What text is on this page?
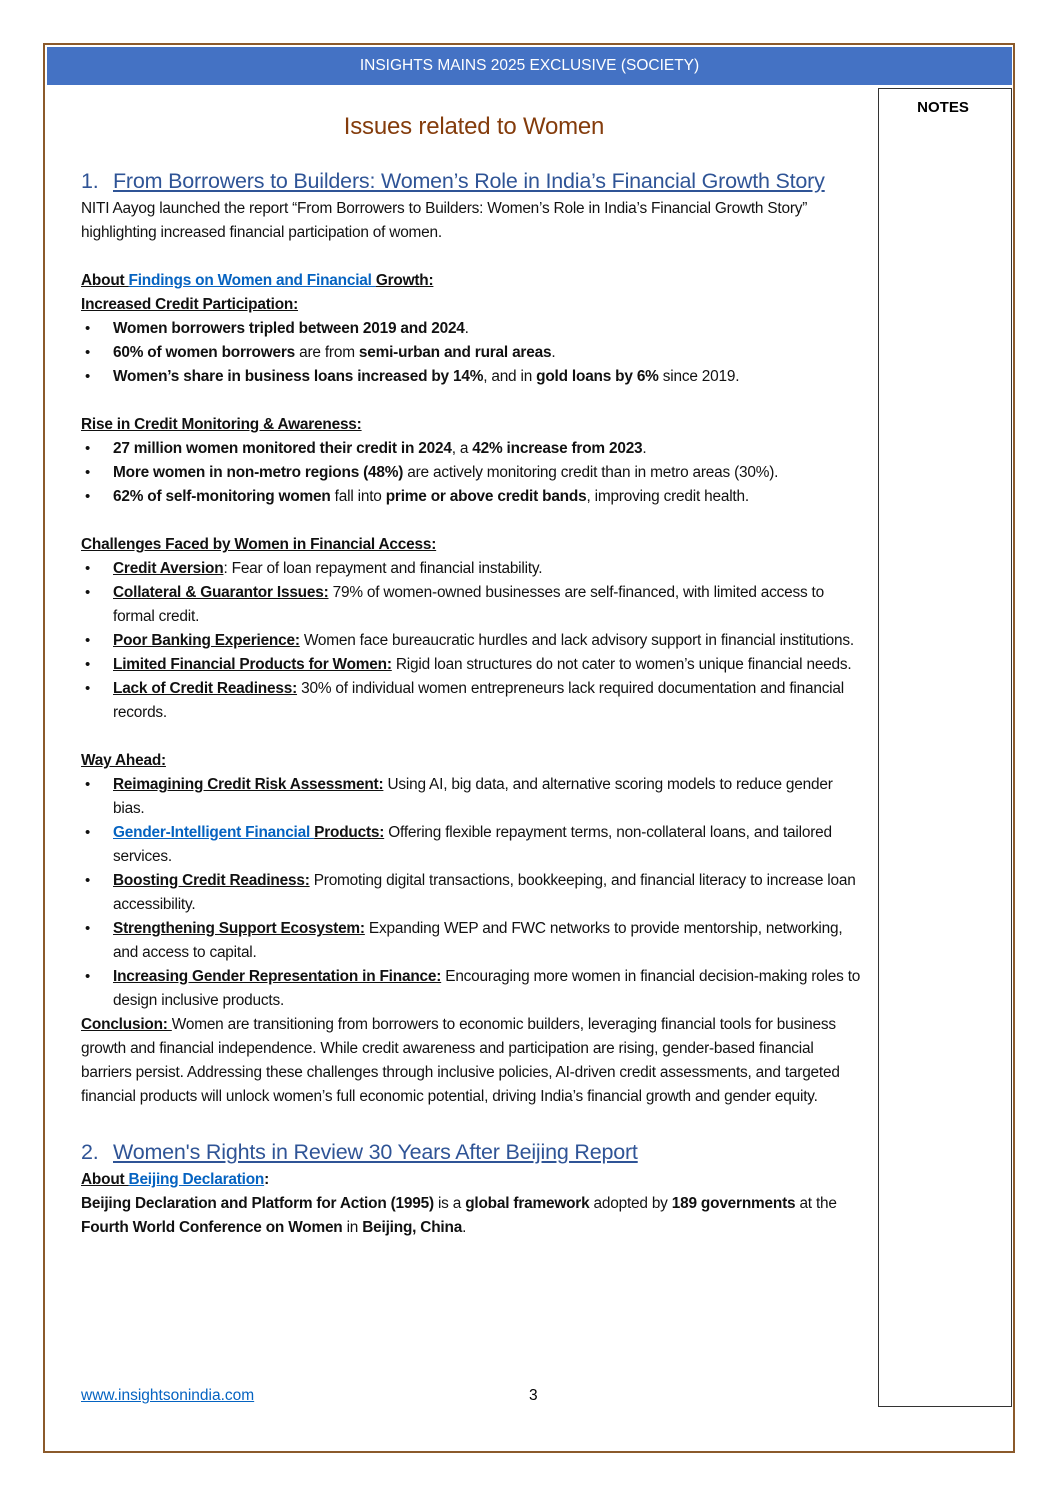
INSIGHTS MAINS 2025 EXCLUSIVE (SOCIETY)
NOTES
Issues related to Women
1. From Borrowers to Builders: Women’s Role in India’s Financial Growth Story
NITI Aayog launched the report “From Borrowers to Builders: Women’s Role in India’s Financial Growth Story” highlighting increased financial participation of women.
About Findings on Women and Financial Growth:
Increased Credit Participation:
• Women borrowers tripled between 2019 and 2024.
• 60% of women borrowers are from semi-urban and rural areas.
• Women’s share in business loans increased by 14%, and in gold loans by 6% since 2019.
Rise in Credit Monitoring & Awareness:
• 27 million women monitored their credit in 2024, a 42% increase from 2023.
• More women in non-metro regions (48%) are actively monitoring credit than in metro areas (30%).
• 62% of self-monitoring women fall into prime or above credit bands, improving credit health.
Challenges Faced by Women in Financial Access:
• Credit Aversion: Fear of loan repayment and financial instability.
• Collateral & Guarantor Issues: 79% of women-owned businesses are self-financed, with limited access to formal credit.
• Poor Banking Experience: Women face bureaucratic hurdles and lack advisory support in financial institutions.
• Limited Financial Products for Women: Rigid loan structures do not cater to women’s unique financial needs.
• Lack of Credit Readiness: 30% of individual women entrepreneurs lack required documentation and financial records.
Way Ahead:
• Reimagining Credit Risk Assessment: Using AI, big data, and alternative scoring models to reduce gender bias.
• Gender-Intelligent Financial Products: Offering flexible repayment terms, non-collateral loans, and tailored services.
• Boosting Credit Readiness: Promoting digital transactions, bookkeeping, and financial literacy to increase loan accessibility.
• Strengthening Support Ecosystem: Expanding WEP and FWC networks to provide mentorship, networking, and access to capital.
• Increasing Gender Representation in Finance: Encouraging more women in financial decision-making roles to design inclusive products.
Conclusion: Women are transitioning from borrowers to economic builders, leveraging financial tools for business growth and financial independence. While credit awareness and participation are rising, gender-based financial barriers persist. Addressing these challenges through inclusive policies, AI-driven credit assessments, and targeted financial products will unlock women’s full economic potential, driving India’s financial growth and gender equity.
2. Women's Rights in Review 30 Years After Beijing Report
About Beijing Declaration:
Beijing Declaration and Platform for Action (1995) is a global framework adopted by 189 governments at the Fourth World Conference on Women in Beijing, China.
www.insightsonindia.com	3
